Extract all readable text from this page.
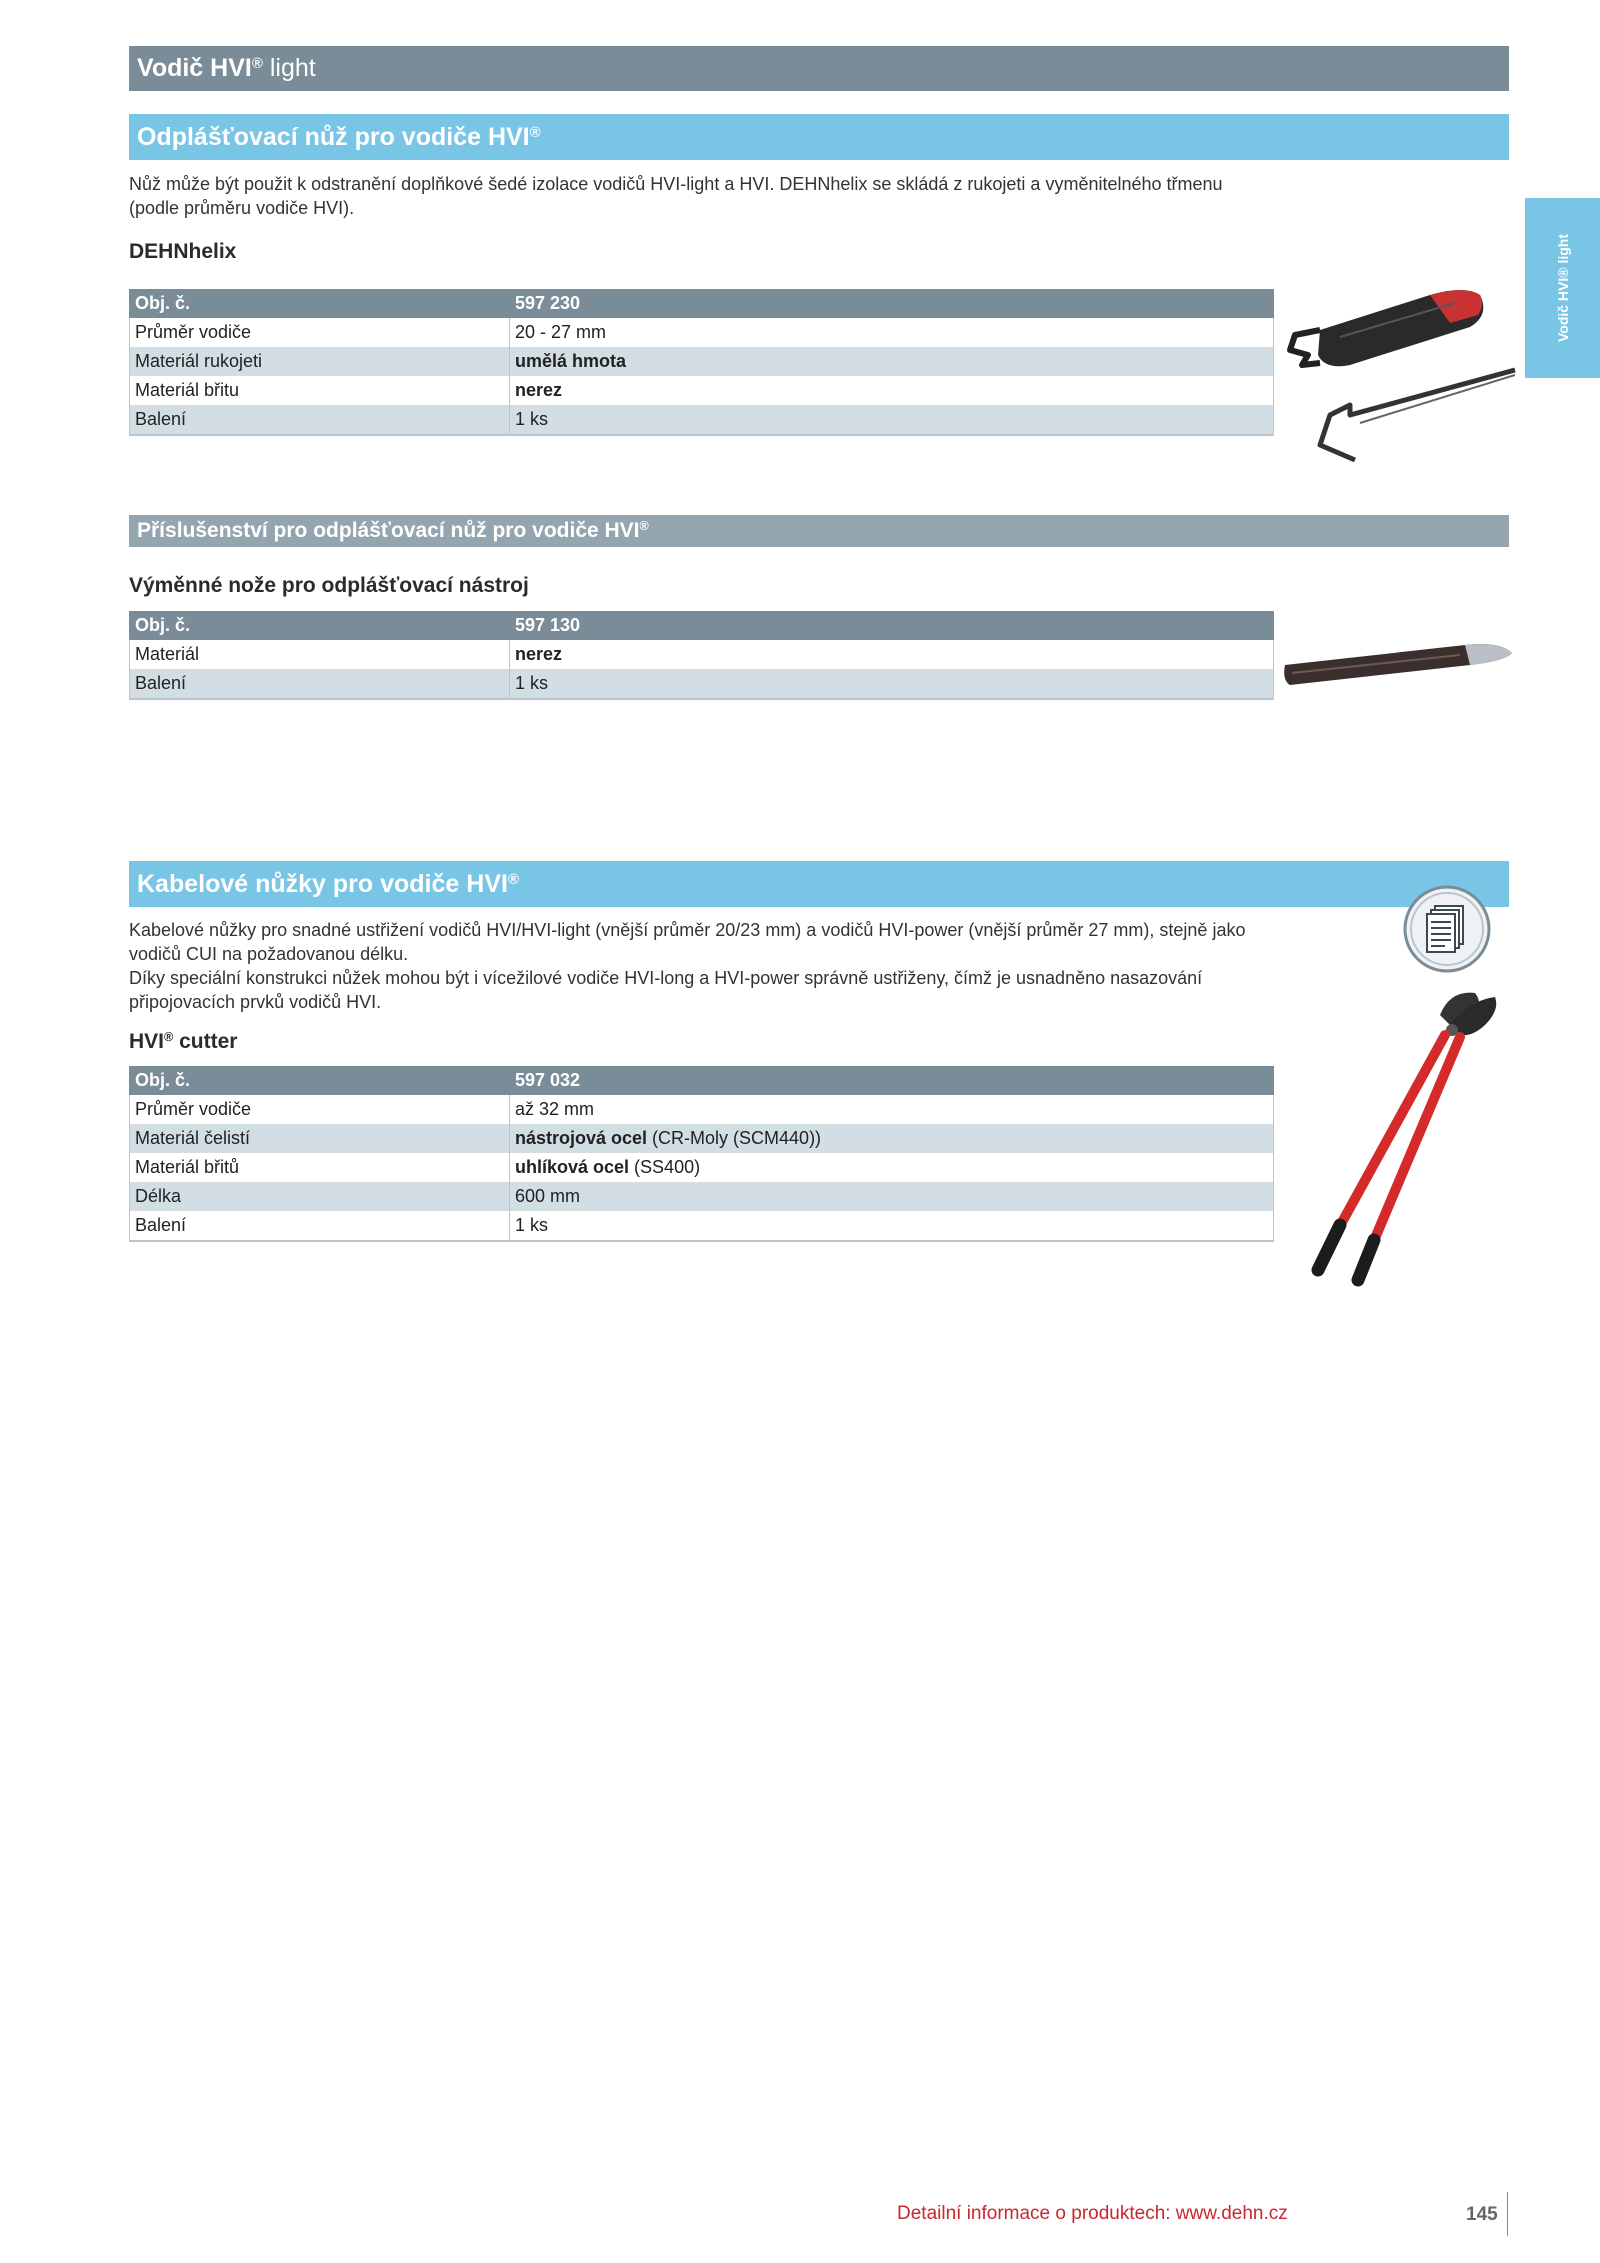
Vodič HVI® light
Vodič HVI® light
Odplášťovací nůž pro vodiče HVI®

Nůž může být použit k odstranění doplňkové šedé izolace vodičů HVI-light a HVI. DEHNhelix se skládá z rukojeti a vyměnitelného třmenu (podle průměru vodiče HVI).

DEHNhelix
Obj. č.	597 230
Průměr vodiče	20 - 27 mm
Materiál rukojeti	umělá hmota
Materiál břitu	nerez
Balení	1 ks
Příslušenství pro odplášťovací nůž pro vodiče HVI®
Výměnné nože pro odplášťovací nástroj
Obj. č.	597 130
Materiál	nerez
Balení	1 ks
Kabelové nůžky pro vodiče HVI®

Kabelové nůžky pro snadné ustřižení vodičů HVI/HVI-light (vnější průměr 20/23 mm) a vodičů HVI-power (vnější průměr 27 mm), stejně jako vodičů CUI na požadovanou délku.

Díky speciální konstrukci nůžek mohou být i vícežilové vodiče HVI-long a HVI-power správně ustřiženy, čímž je usnadněno nasazování připojovacích prvků vodičů HVI.

HVI® cutter
Obj. č.	597 032
Průměr vodiče	až 32 mm
Materiál čelistí	nástrojová ocel (CR-Moly (SCM440))
Materiál břitů	uhlíková ocel (SS400)
Délka	600 mm
Balení	1 ks
Detailní informace o produktech: www.dehn.cz	145
